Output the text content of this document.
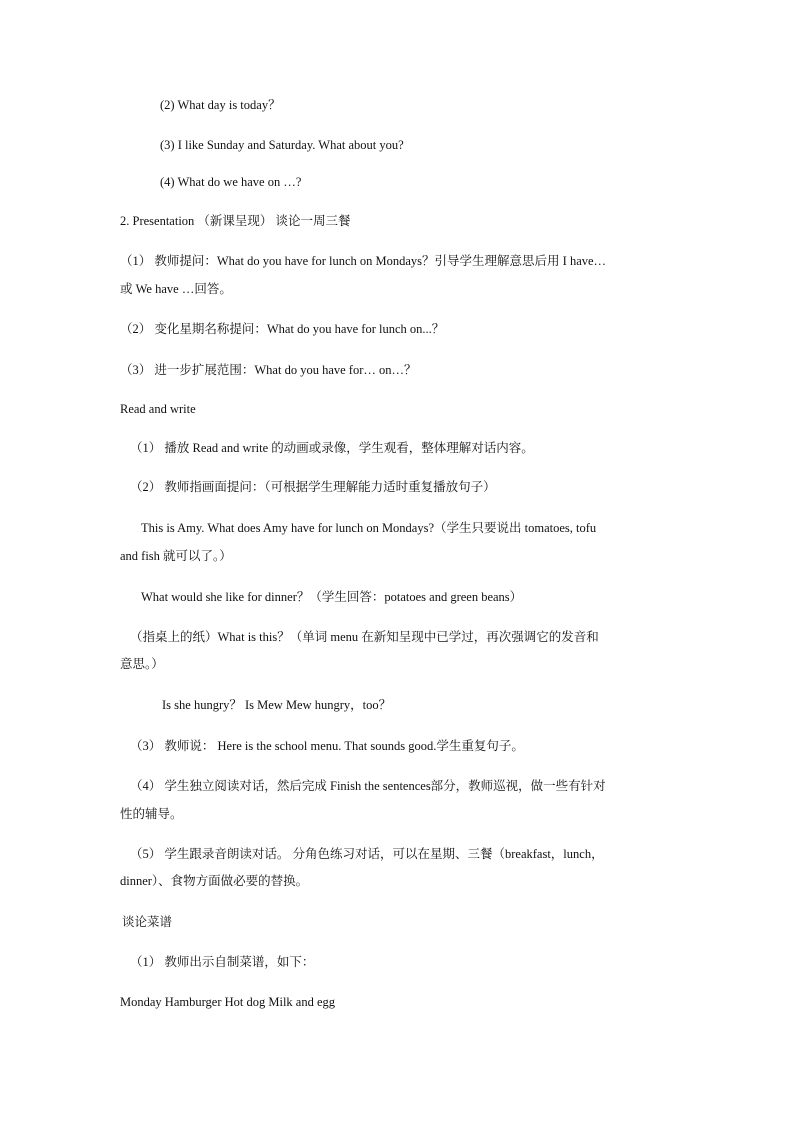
(2) What day is today？
(3) I like Sunday and Saturday. What about you?
(4) What do we have on …?
2. Presentation （新课呈现） 谈论一周三餐
（1） 教师提问：What do you have for lunch on Mondays？引导学生理解意思后用 I have…
或 We have …回答。
（2） 变化星期名称提问：What do you have for lunch on...？
（3） 进一步扩展范围：What do you have for… on…？
Read and write
（1） 播放 Read and write 的动画或录像，学生观看，整体理解对话内容。
（2） 教师指画面提问：（可根据学生理解能力适时重复播放句子）
This is Amy. What does Amy have for lunch on Mondays?（学生只要说出 tomatoes, tofu
and fish 就可以了。）
What would she like for dinner？（学生回答：potatoes and green beans）
（指桌上的纸）What is this？（单词 menu 在新知呈现中已学过，再次强调它的发音和
意思。）
Is she hungry？ Is Mew Mew hungry，too？
（3） 教师说： Here is the school menu. That sounds good.学生重复句子。
（4） 学生独立阅读对话，然后完成 Finish the sentences部分，教师巡视，做一些有针对
性的辅导。
（5） 学生跟录音朗读对话。 分角色练习对话，可以在星期、三餐（breakfast，lunch，
dinner）、食物方面做必要的替换。
谈论菜谱
（1） 教师出示自制菜谱，如下：
Monday Hamburger Hot dog Milk and egg
